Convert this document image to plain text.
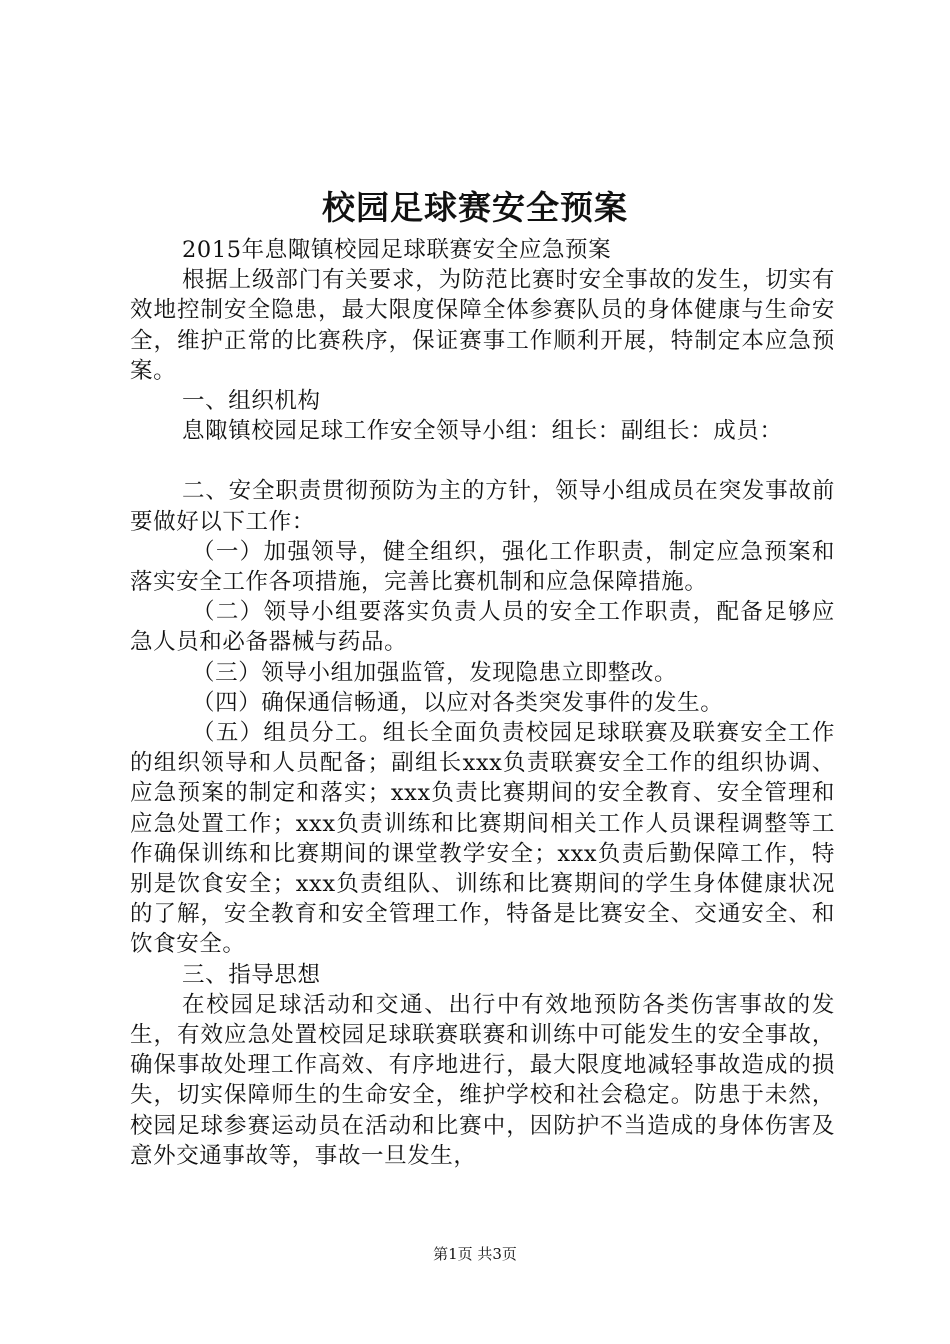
校园足球赛安全预案

2015年息陬镇校园足球联赛安全应急预案

根据上级部门有关要求，为防范比赛时安全事故的发生，切实有效地控制安全隐患，最大限度保障全体参赛队员的身体健康与生命安全，维护正常的比赛秩序，保证赛事工作顺利开展，特制定本应急预案。

一、组织机构

息陬镇校园足球工作安全领导小组：组长：副组长：成员：

二、安全职责贯彻预防为主的方针，领导小组成员在突发事故前要做好以下工作：

（一）加强领导，健全组织，强化工作职责，制定应急预案和落实安全工作各项措施，完善比赛机制和应急保障措施。

（二）领导小组要落实负责人员的安全工作职责，配备足够应急人员和必备器械与药品。

（三）领导小组加强监管，发现隐患立即整改。

（四）确保通信畅通，以应对各类突发事件的发生。

（五）组员分工。组长全面负责校园足球联赛及联赛安全工作的组织领导和人员配备；副组长xxx负责联赛安全工作的组织协调、应急预案的制定和落实；xxx负责比赛期间的安全教育、安全管理和应急处置工作；xxx负责训练和比赛期间相关工作人员课程调整等工作确保训练和比赛期间的课堂教学安全；xxx负责后勤保障工作，特别是饮食安全；xxx负责组队、训练和比赛期间的学生身体健康状况的了解，安全教育和安全管理工作，特备是比赛安全、交通安全、和饮食安全。

三、指导思想

在校园足球活动和交通、出行中有效地预防各类伤害事故的发生，有效应急处置校园足球联赛联赛和训练中可能发生的安全事故，确保事故处理工作高效、有序地进行，最大限度地减轻事故造成的损失，切实保障师生的生命安全，维护学校和社会稳定。防患于未然，校园足球参赛运动员在活动和比赛中，因防护不当造成的身体伤害及意外交通事故等，事故一旦发生，

第1页 共3页
